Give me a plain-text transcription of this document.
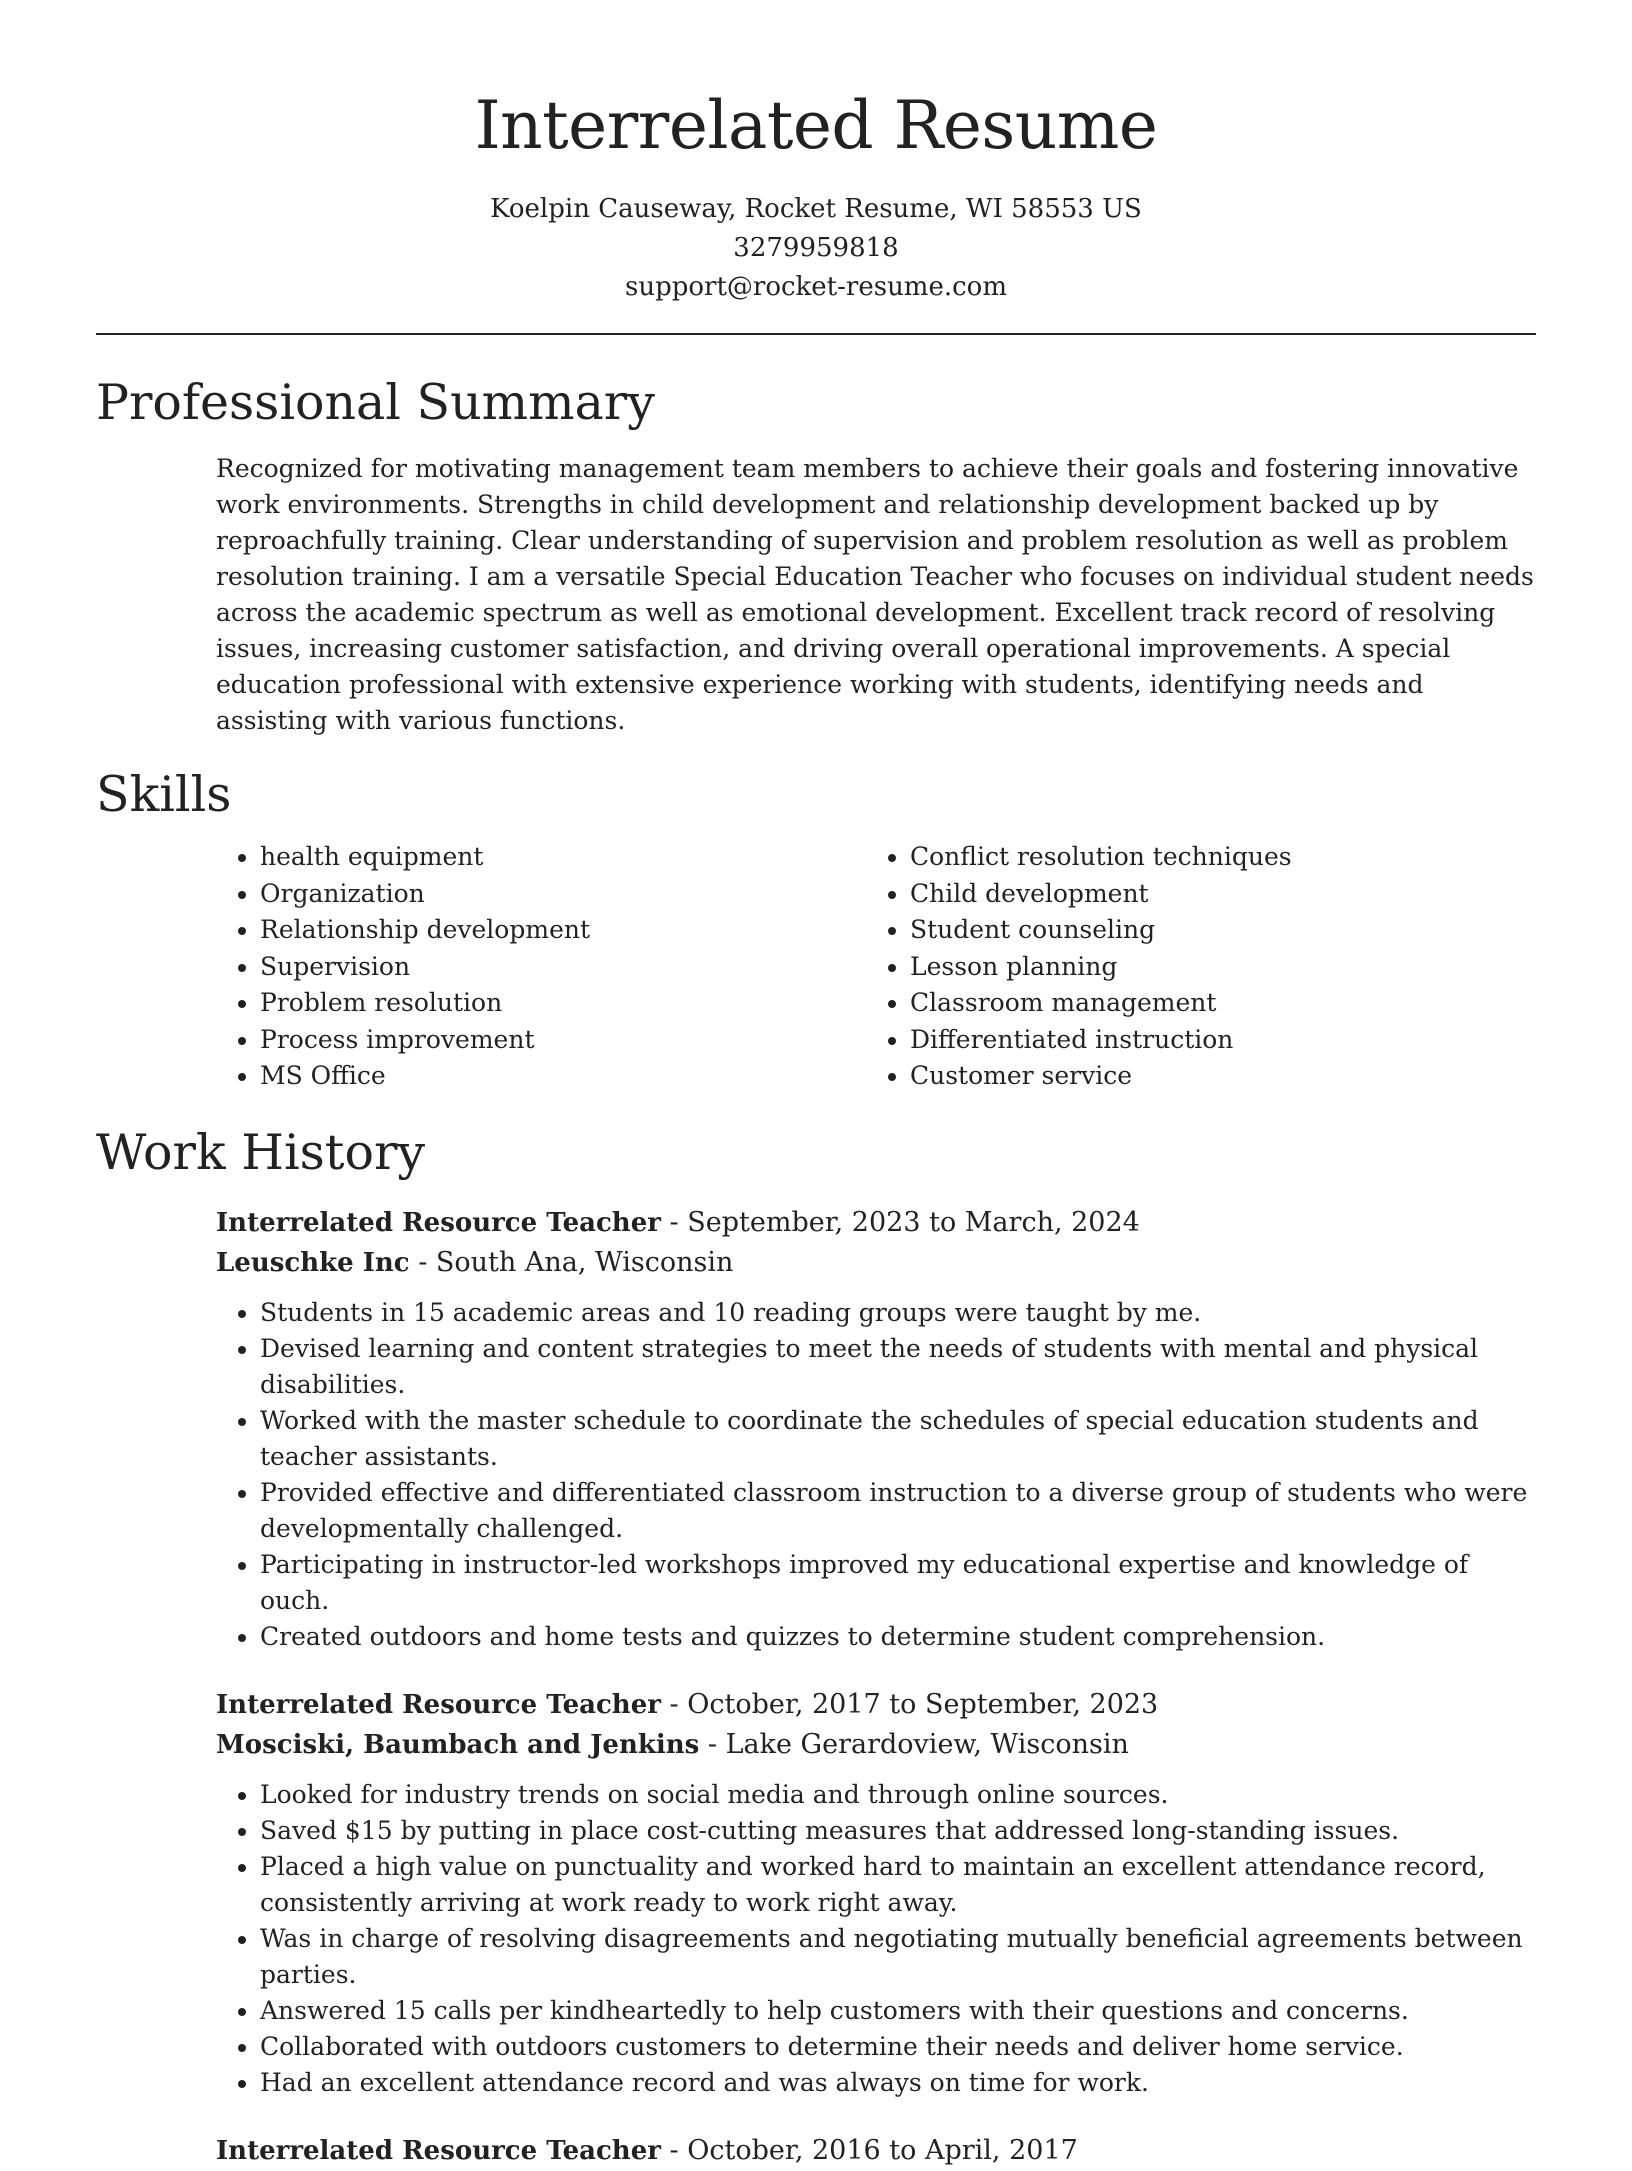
Interrelated Resume

Koelpin Causeway, Rocket Resume, WI 58553 US

3279959818

support@rocket-resume.com

Professional Summary

Recognized for motivating management team members to achieve their goals and fostering innovative work environments. Strengths in child development and relationship development backed up by reproachfully training. Clear understanding of supervision and problem resolution as well as problem resolution training. I am a versatile Special Education Teacher who focuses on individual student needs across the academic spectrum as well as emotional development. Excellent track record of resolving issues, increasing customer satisfaction, and driving overall operational improvements. A special education professional with extensive experience working with students, identifying needs and assisting with various functions.

Skills
• health equipment
• Organization
• Relationship development
• Supervision
• Problem resolution
• Process improvement
• MS Office
• Conflict resolution techniques
• Child development
• Student counseling
• Lesson planning
• Classroom management
• Differentiated instruction
• Customer service
Work History

Interrelated Resource Teacher - September, 2023 to March, 2024

Leuschke Inc - South Ana, Wisconsin

• Students in 15 academic areas and 10 reading groups were taught by me.
• Devised learning and content strategies to meet the needs of students with mental and physical disabilities.
• Worked with the master schedule to coordinate the schedules of special education students and teacher assistants.
• Provided effective and differentiated classroom instruction to a diverse group of students who were developmentally challenged.
• Participating in instructor-led workshops improved my educational expertise and knowledge of ouch.
• Created outdoors and home tests and quizzes to determine student comprehension.

Interrelated Resource Teacher - October, 2017 to September, 2023

Mosciski, Baumbach and Jenkins - Lake Gerardoview, Wisconsin

• Looked for industry trends on social media and through online sources.
• Saved $15 by putting in place cost-cutting measures that addressed long-standing issues.
• Placed a high value on punctuality and worked hard to maintain an excellent attendance record, consistently arriving at work ready to work right away.
• Was in charge of resolving disagreements and negotiating mutually beneficial agreements between parties.
• Answered 15 calls per kindheartedly to help customers with their questions and concerns.
• Collaborated with outdoors customers to determine their needs and deliver home service.
• Had an excellent attendance record and was always on time for work.

Interrelated Resource Teacher - October, 2016 to April, 2017
